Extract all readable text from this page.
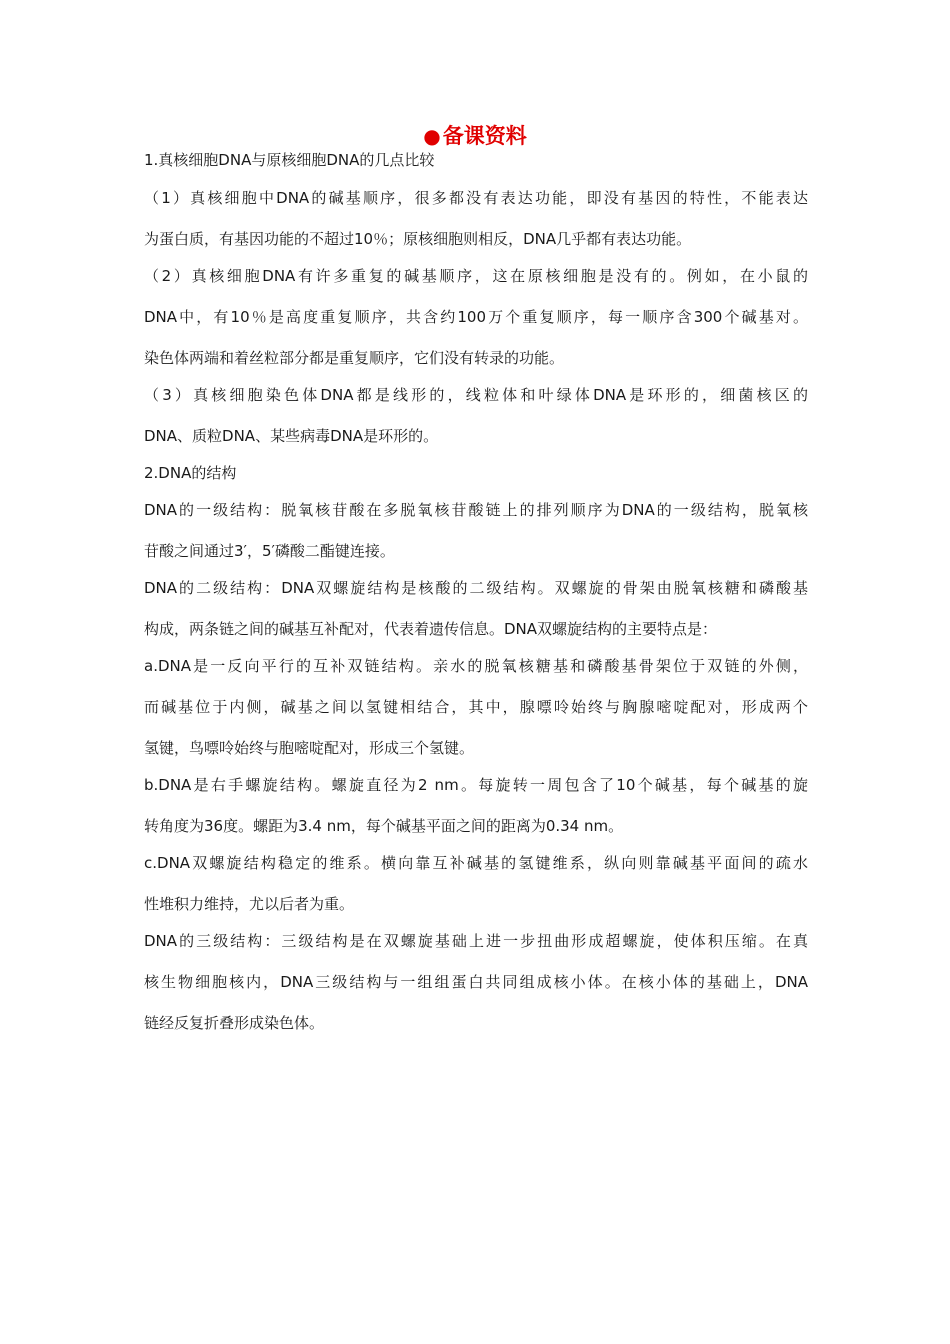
●备课资料
1.真核细胞DNA与原核细胞DNA的几点比较
（1）真核细胞中DNA的碱基顺序，很多都没有表达功能，即没有基因的特性，不能表达
为蛋白质，有基因功能的不超过10％；原核细胞则相反，DNA几乎都有表达功能。
（2）真核细胞DNA有许多重复的碱基顺序，这在原核细胞是没有的。例如，在小鼠的
DNA中，有10％是高度重复顺序，共含约100万个重复顺序，每一顺序含300个碱基对。
染色体两端和着丝粒部分都是重复顺序，它们没有转录的功能。
（3）真核细胞染色体DNA都是线形的，线粒体和叶绿体DNA是环形的，细菌核区的
DNA、质粒DNA、某些病毒DNA是环形的。
2.DNA的结构
DNA的一级结构：脱氧核苷酸在多脱氧核苷酸链上的排列顺序为DNA的一级结构，脱氧核
苷酸之间通过3′，5′磷酸二酯键连接。
DNA的二级结构：DNA双螺旋结构是核酸的二级结构。双螺旋的骨架由脱氧核糖和磷酸基
构成，两条链之间的碱基互补配对，代表着遗传信息。DNA双螺旋结构的主要特点是：
a.DNA是一反向平行的互补双链结构。亲水的脱氧核糖基和磷酸基骨架位于双链的外侧，
而碱基位于内侧，碱基之间以氢键相结合，其中，腺嘌呤始终与胸腺嘧啶配对，形成两个
氢键，鸟嘌呤始终与胞嘧啶配对，形成三个氢键。
b.DNA是右手螺旋结构。螺旋直径为2 nm。每旋转一周包含了10个碱基，每个碱基的旋
转角度为36度。螺距为3.4 nm，每个碱基平面之间的距离为0.34 nm。
c.DNA双螺旋结构稳定的维系。横向靠互补碱基的氢键维系，纵向则靠碱基平面间的疏水
性堆积力维持，尤以后者为重。
DNA的三级结构：三级结构是在双螺旋基础上进一步扭曲形成超螺旋，使体积压缩。在真
核生物细胞核内，DNA三级结构与一组组蛋白共同组成核小体。在核小体的基础上，DNA
链经反复折叠形成染色体。
